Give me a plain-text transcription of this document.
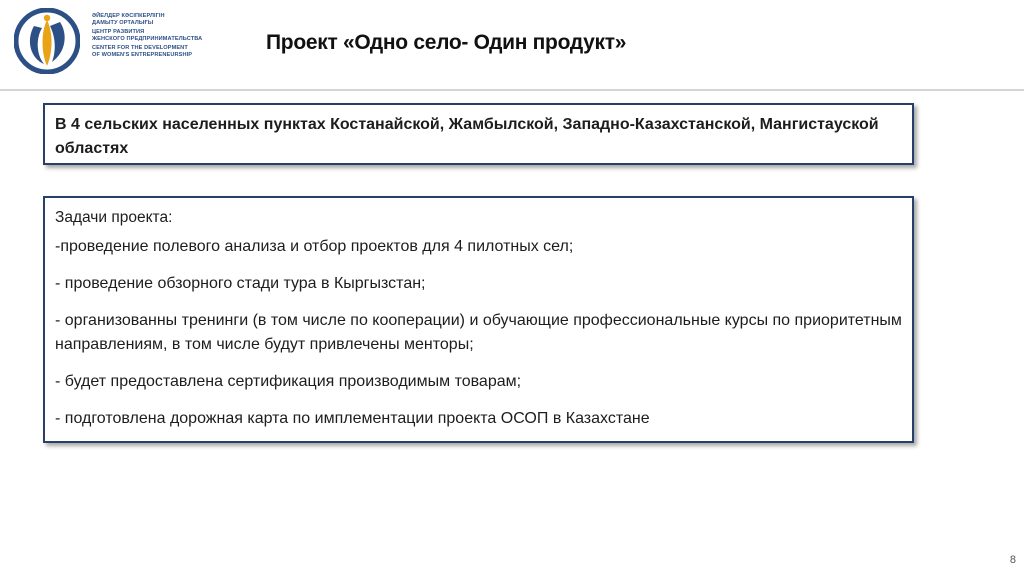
ӘЙЕЛДЕР КӘСІПКЕРЛІГІН
ДАМЫТУ ОРТАЛЫҒЫ
ЦЕНТР РАЗВИТИЯ
ЖЕНСКОГО ПРЕДПРИНИМАТЕЛЬСТВА
CENTER FOR THE DEVELOPMENT
OF WOMEN'S ENTREPRENEURSHIP
Проект «Одно село- Один продукт»
В 4 сельских населенных пунктах Костанайской, Жамбылской, Западно-Казахстанской, Мангистауской областях
Задачи проекта:
-проведение полевого анализа и отбор проектов для 4 пилотных сел;
- проведение обзорного стади тура в Кыргызстан;
- организованны тренинги (в том числе по кооперации) и обучающие профессиональные курсы по приоритетным направлениям, в том числе будут привлечены менторы;
- будет предоставлена сертификация производимым товарам;
- подготовлена дорожная карта по имплементации проекта ОСОП в Казахстане
8
